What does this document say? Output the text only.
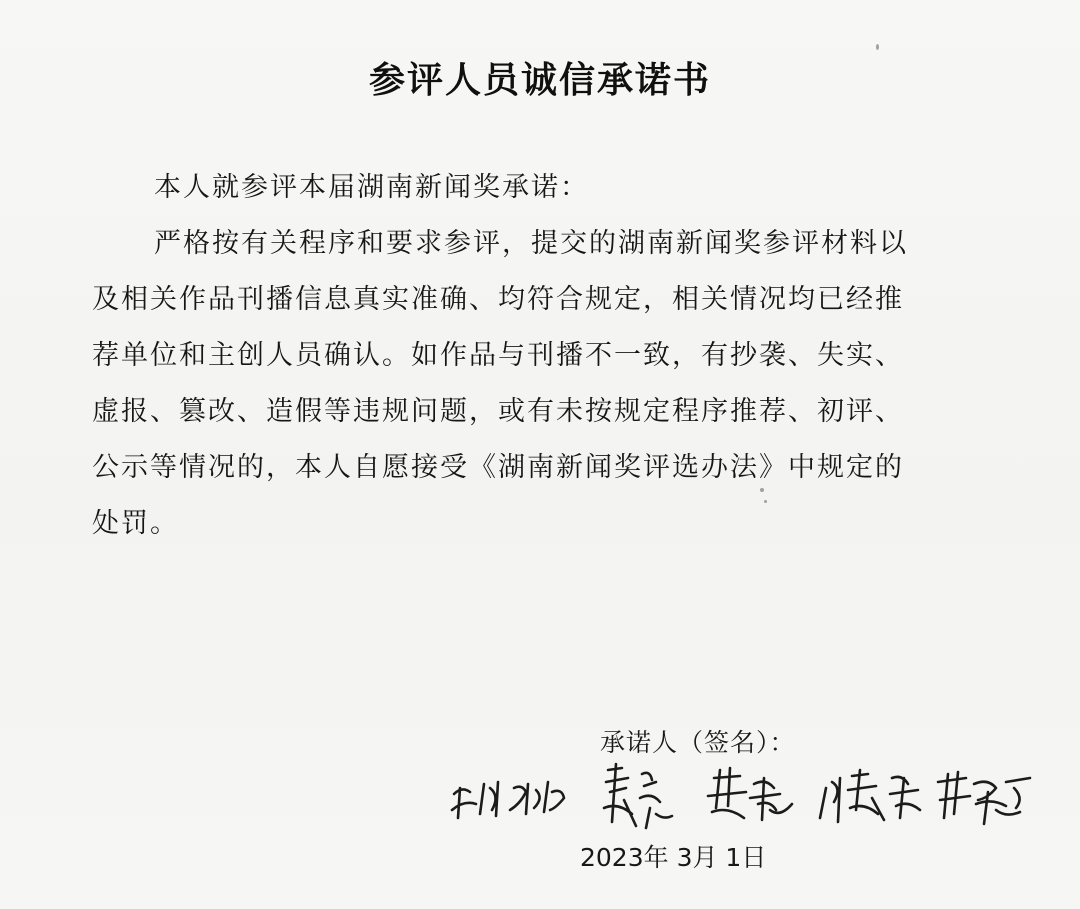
参评人员诚信承诺书
本人就参评本届湖南新闻奖承诺：
严格按有关程序和要求参评，提交的湖南新闻奖参评材料以
及相关作品刊播信息真实准确、均符合规定，相关情况均已经推
荐单位和主创人员确认。如作品与刊播不一致，有抄袭、失实、
虚报、篡改、造假等违规问题，或有未按规定程序推荐、初评、
公示等情况的，本人自愿接受《湖南新闻奖评选办法》中规定的
处罚。
承诺人（签名）：
2023年 3月 1日
